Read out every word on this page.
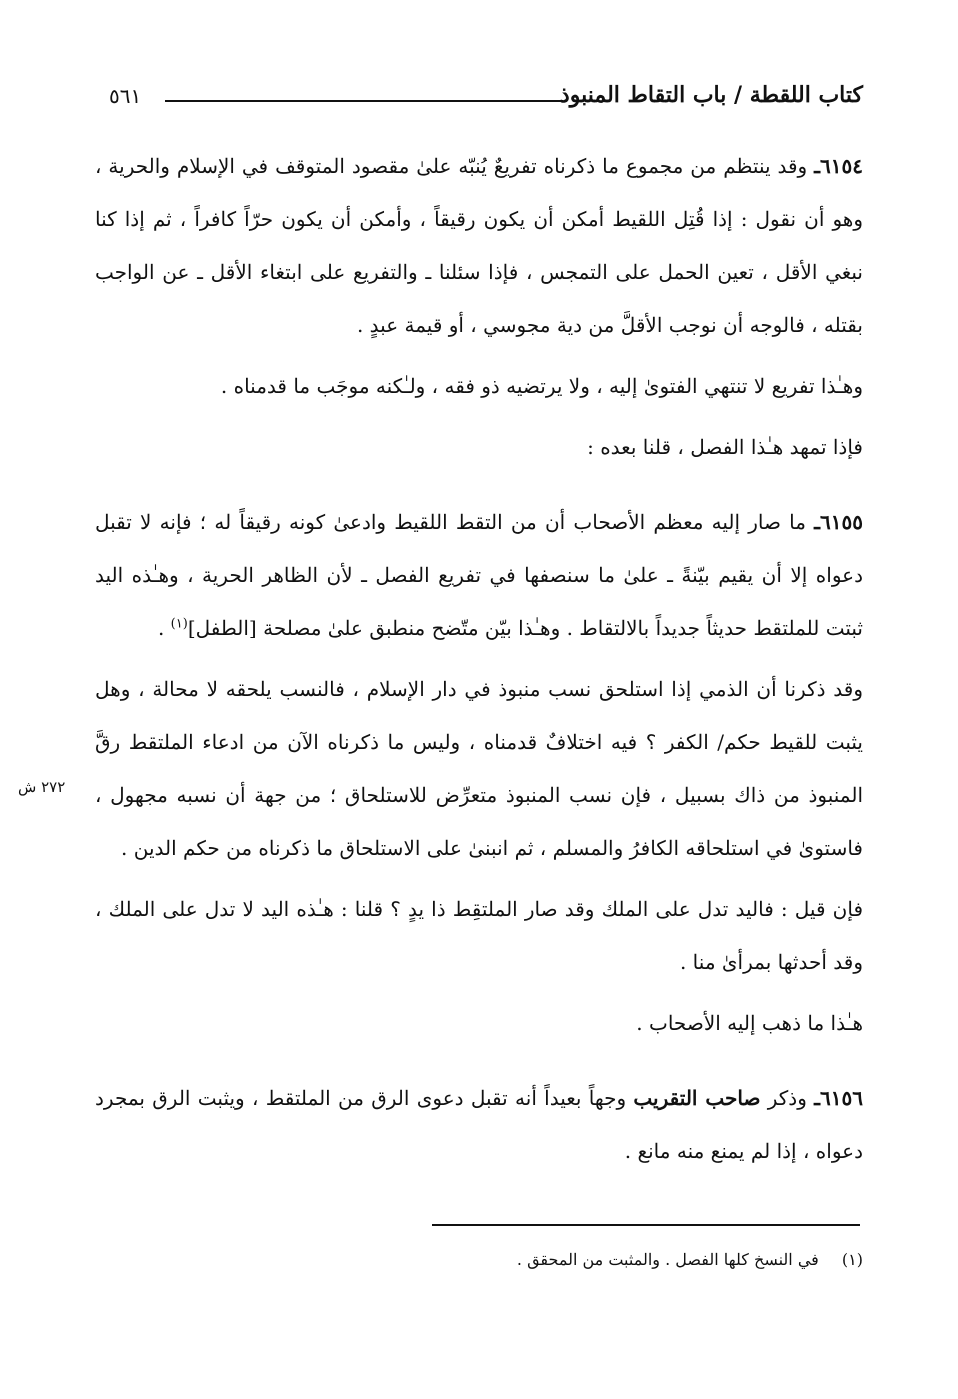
كتاب اللقطة / باب التقاط المنبوذ
٥٦١
٢٧٢ ش

٦١٥٤ـ وقد ينتظم من مجموع ما ذكرناه تفريعٌ يُنبّه علىٰ مقصود المتوقف في الإسلام والحرية ، وهو أن نقول : إذا قُتِل اللقيط أمكن أن يكون رقيقاً ، وأمكن أن يكون حرّاً كافراً ، ثم إذا كنا نبغي الأقل ، تعين الحمل على التمجس ، فإذا سئلنا ـ والتفريع على ابتغاء الأقل ـ عن الواجب بقتله ، فالوجه أن نوجب الأقلَّ من دية مجوسي ، أو قيمة عبدٍ .

وهـٰذا تفريع لا تنتهي الفتوىٰ إليه ، ولا يرتضيه ذو فقه ، ولـٰكنه موجَب ما قدمناه .

فإذا تمهد هـٰذا الفصل ، قلنا بعده :

٦١٥٥ـ ما صار إليه معظم الأصحاب أن من التقط اللقيط وادعىٰ كونه رقيقاً له ؛ فإنه لا تقبل دعواه إلا أن يقيم بيّنةً ـ علىٰ ما سنصفها في تفريع الفصل ـ لأن الظاهر الحرية ، وهـٰذه اليد ثبتت للملتقط حديثاً جديداً بالالتقاط . وهـٰذا بيّن متّضح منطبق علىٰ مصلحة [الطفل]$^{(١)}$ .

وقد ذكرنا أن الذمي إذا استلحق نسب منبوذ في دار الإسلام ، فالنسب يلحقه لا محالة ، وهل يثبت للقيط حكم/ الكفر ؟ فيه اختلافٌ قدمناه ، وليس ما ذكرناه الآن من ادعاء الملتقط رقَّ المنبوذ من ذاك بسبيل ، فإن نسب المنبوذ متعرِّض للاستلحاق ؛ من جهة أن نسبه مجهول ، فاستوىٰ في استلحاقه الكافرُ والمسلم ، ثم انبنىٰ على الاستلحاق ما ذكرناه من حكم الدين .

فإن قيل : فاليد تدل على الملك وقد صار الملتقِط ذا يدٍ ؟ قلنا : هـٰذه اليد لا تدل على الملك ، وقد أحدثها بمرأىٰ منا .

هـٰذا ما ذهب إليه الأصحاب .

٦١٥٦ـ وذكر صاحب التقريب وجهاً بعيداً أنه تقبل دعوى الرق من الملتقط ، ويثبت الرق بمجرد دعواه ، إذا لم يمنع منه مانع .

(١) في النسخ كلها الفصل . والمثبت من المحقق .
